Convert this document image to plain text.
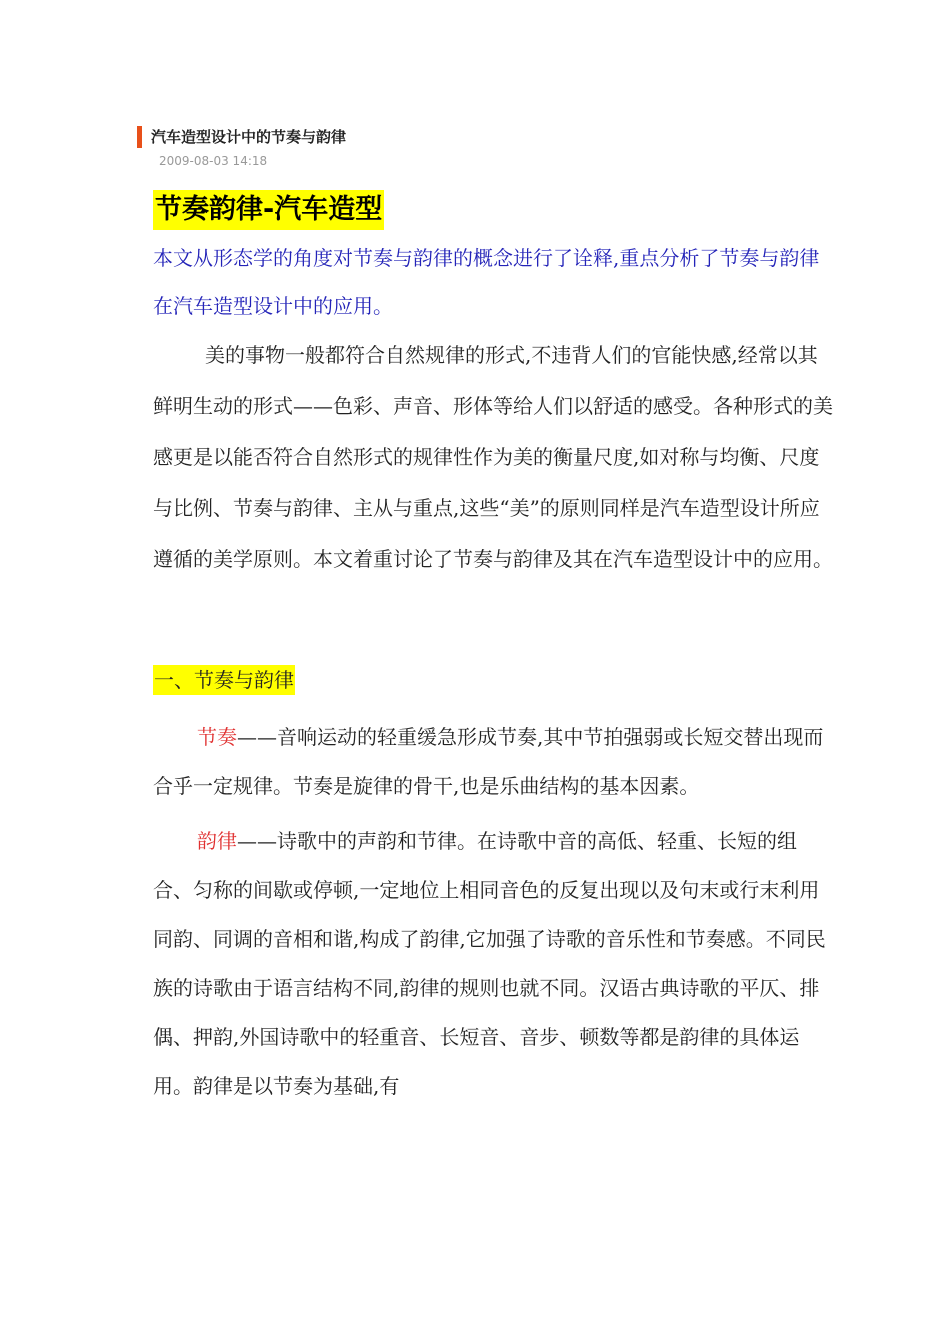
汽车造型设计中的节奏与韵律
2009-08-03 14:18
节奏韵律-汽车造型

本文从形态学的角度对节奏与韵律的概念进行了诠释,重点分析了节奏与韵律在汽车造型设计中的应用。

美的事物一般都符合自然规律的形式,不违背人们的官能快感,经常以其鲜明生动的形式——色彩、声音、形体等给人们以舒适的感受。各种形式的美感更是以能否符合自然形式的规律性作为美的衡量尺度,如对称与均衡、尺度与比例、节奏与韵律、主从与重点,这些“美”的原则同样是汽车造型设计所应遵循的美学原则。本文着重讨论了节奏与韵律及其在汽车造型设计中的应用。

一、节奏与韵律

节奏——音响运动的轻重缓急形成节奏,其中节拍强弱或长短交替出现而合乎一定规律。节奏是旋律的骨干,也是乐曲结构的基本因素。

韵律——诗歌中的声韵和节律。在诗歌中音的高低、轻重、长短的组合、匀称的间歇或停顿,一定地位上相同音色的反复出现以及句末或行末利用同韵、同调的音相和谐,构成了韵律,它加强了诗歌的音乐性和节奏感。不同民族的诗歌由于语言结构不同,韵律的规则也就不同。汉语古典诗歌的平仄、排偶、押韵,外国诗歌中的轻重音、长短音、音步、顿数等都是韵律的具体运用。韵律是以节奏为基础,有
